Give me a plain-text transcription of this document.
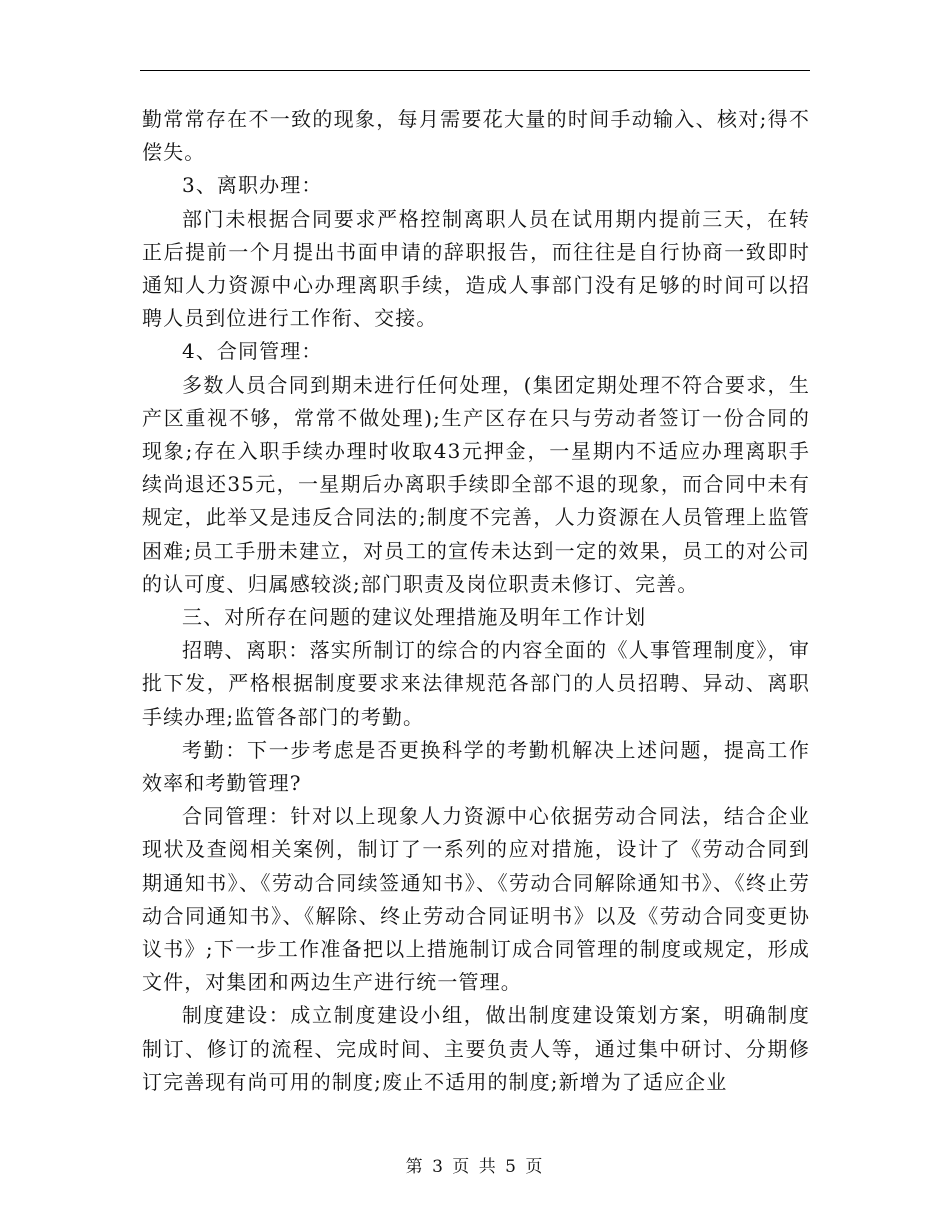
勤常常存在不一致的现象，每月需要花大量的时间手动输入、核对;得不偿失。

3、离职办理：

部门未根据合同要求严格控制离职人员在试用期内提前三天，在转正后提前一个月提出书面申请的辞职报告，而往往是自行协商一致即时通知人力资源中心办理离职手续，造成人事部门没有足够的时间可以招聘人员到位进行工作衔、交接。

4、合同管理：

多数人员合同到期未进行任何处理，(集团定期处理不符合要求，生产区重视不够，常常不做处理);生产区存在只与劳动者签订一份合同的现象;存在入职手续办理时收取43元押金，一星期内不适应办理离职手续尚退还35元，一星期后办离职手续即全部不退的现象，而合同中未有规定，此举又是违反合同法的;制度不完善，人力资源在人员管理上监管困难;员工手册未建立，对员工的宣传未达到一定的效果，员工的对公司的认可度、归属感较淡;部门职责及岗位职责未修订、完善。

三、对所存在问题的建议处理措施及明年工作计划

招聘、离职：落实所制订的综合的内容全面的《人事管理制度》，审批下发，严格根据制度要求来法律规范各部门的人员招聘、异动、离职手续办理;监管各部门的考勤。

考勤：下一步考虑是否更换科学的考勤机解决上述问题，提高工作效率和考勤管理?

合同管理：针对以上现象人力资源中心依据劳动合同法，结合企业现状及查阅相关案例，制订了一系列的应对措施，设计了《劳动合同到期通知书》、《劳动合同续签通知书》、《劳动合同解除通知书》、《终止劳动合同通知书》、《解除、终止劳动合同证明书》以及《劳动合同变更协议书》;下一步工作准备把以上措施制订成合同管理的制度或规定，形成文件，对集团和两边生产进行统一管理。

制度建设：成立制度建设小组，做出制度建设策划方案，明确制度制订、修订的流程、完成时间、主要负责人等，通过集中研讨、分期修订完善现有尚可用的制度;废止不适用的制度;新增为了适应企业

第 3 页 共 5 页
